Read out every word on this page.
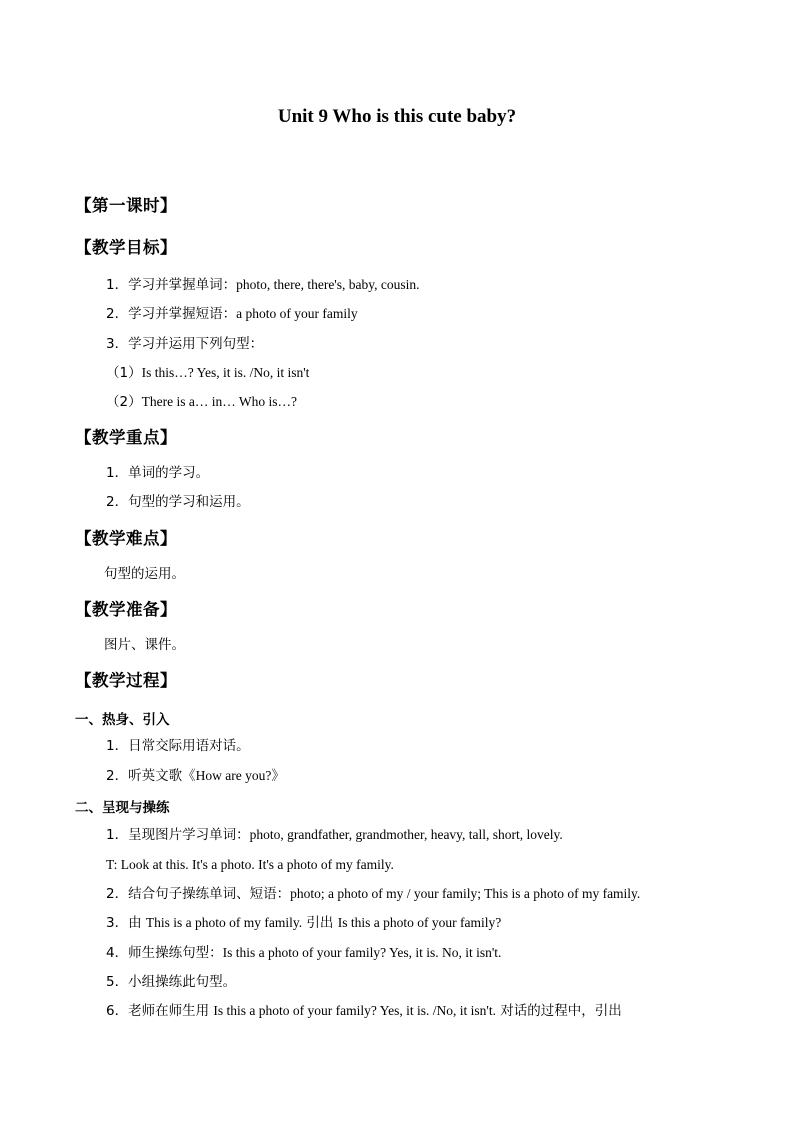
Unit 9 Who is this cute baby?
【第一课时】
【教学目标】
1．学习并掌握单词：photo, there, there's, baby, cousin.
2．学习并掌握短语：a photo of your family
3．学习并运用下列句型：
（1）Is this…? Yes, it is. /No, it isn't
（2）There is a… in… Who is…?
【教学重点】
1．单词的学习。
2．句型的学习和运用。
【教学难点】
句型的运用。
【教学准备】
图片、课件。
【教学过程】
一、热身、引入
1．日常交际用语对话。
2．听英文歌《How are you?》
二、呈现与操练
1．呈现图片学习单词：photo, grandfather, grandmother, heavy, tall, short, lovely.
T: Look at this. It's a photo. It's a photo of my family.
2．结合句子操练单词、短语：photo; a photo of my / your family; This is a photo of my family.
3．由 This is a photo of my family. 引出 Is this a photo of your family?
4．师生操练句型：Is this a photo of your family? Yes, it is. No, it isn't.
5．小组操练此句型。
6．老师在师生用 Is this a photo of your family? Yes, it is. /No, it isn't. 对话的过程中，引出
